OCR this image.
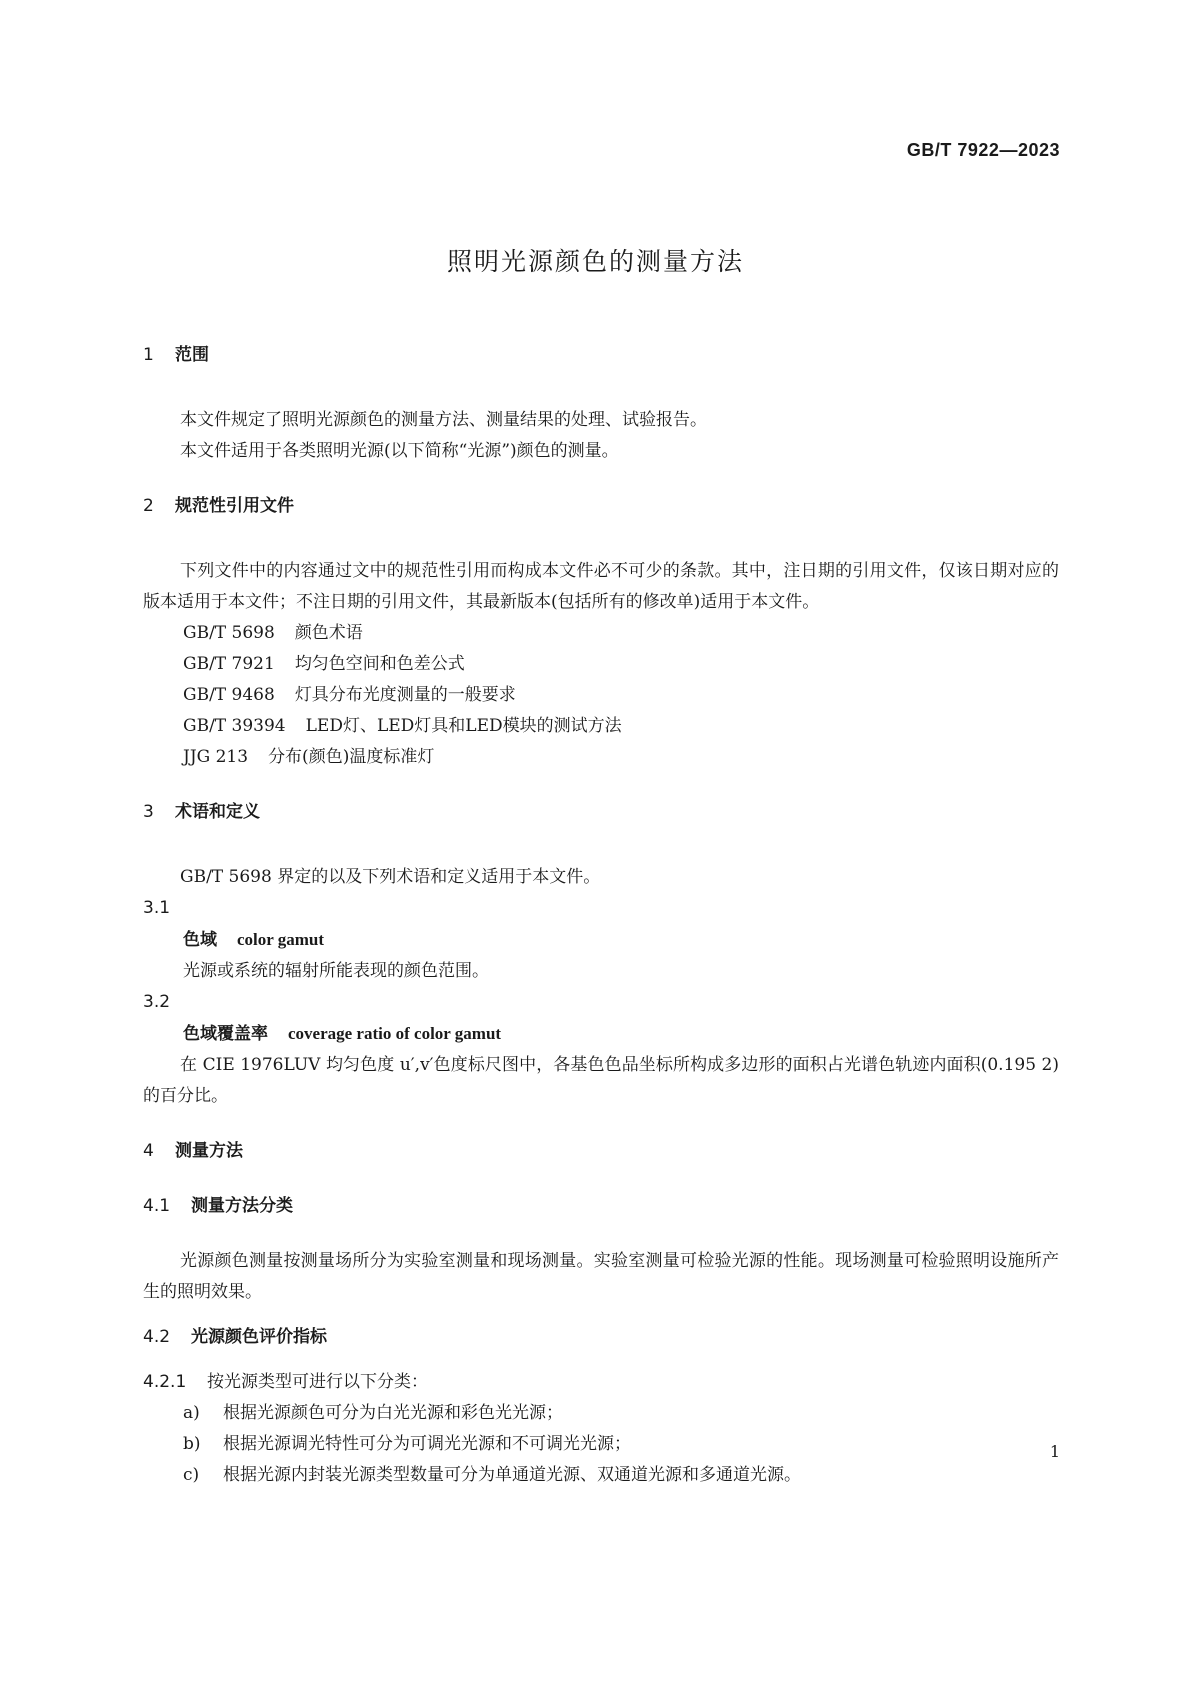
GB/T 7922—2023
照明光源颜色的测量方法
1 范围

本文件规定了照明光源颜色的测量方法、测量结果的处理、试验报告。

本文件适用于各类照明光源(以下简称“光源”)颜色的测量。

2 规范性引用文件

下列文件中的内容通过文中的规范性引用而构成本文件必不可少的条款。其中，注日期的引用文件，仅该日期对应的版本适用于本文件；不注日期的引用文件，其最新版本(包括所有的修改单)适用于本文件。

GB/T 5698 颜色术语
GB/T 7921 均匀色空间和色差公式
GB/T 9468 灯具分布光度测量的一般要求
GB/T 39394 LED灯、LED灯具和LED模块的测试方法
JJG 213 分布(颜色)温度标准灯
3 术语和定义

GB/T 5698 界定的以及下列术语和定义适用于本文件。

3.1
色域 color gamut
光源或系统的辐射所能表现的颜色范围。
3.2
色域覆盖率 coverage ratio of color gamut

在 CIE 1976LUV 均匀色度 u′,v′色度标尺图中，各基色色品坐标所构成多边形的面积占光谱色轨迹内面积(0.195 2)的百分比。

4 测量方法
4.1 测量方法分类

光源颜色测量按测量场所分为实验室测量和现场测量。实验室测量可检验光源的性能。现场测量可检验照明设施所产生的照明效果。

4.2 光源颜色评价指标
4.2.1 按光源类型可进行以下分类：
a) 根据光源颜色可分为白光光源和彩色光光源；
b) 根据光源调光特性可分为可调光光源和不可调光光源；
c) 根据光源内封装光源类型数量可分为单通道光源、双通道光源和多通道光源。
1
